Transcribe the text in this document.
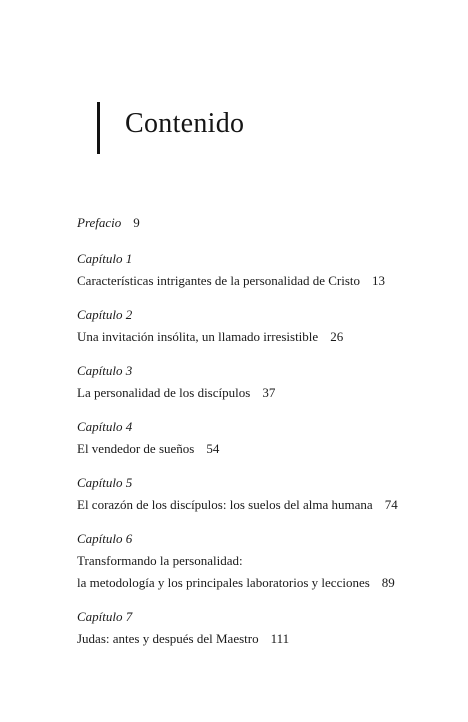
Contenido
Prefacio 9
Capítulo 1
Características intrigantes de la personalidad de Cristo 13
Capítulo 2
Una invitación insólita, un llamado irresistible 26
Capítulo 3
La personalidad de los discípulos 37
Capítulo 4
El vendedor de sueños 54
Capítulo 5
El corazón de los discípulos: los suelos del alma humana 74
Capítulo 6
Transformando la personalidad:
la metodología y los principales laboratorios y lecciones 89
Capítulo 7
Judas: antes y después del Maestro 111
